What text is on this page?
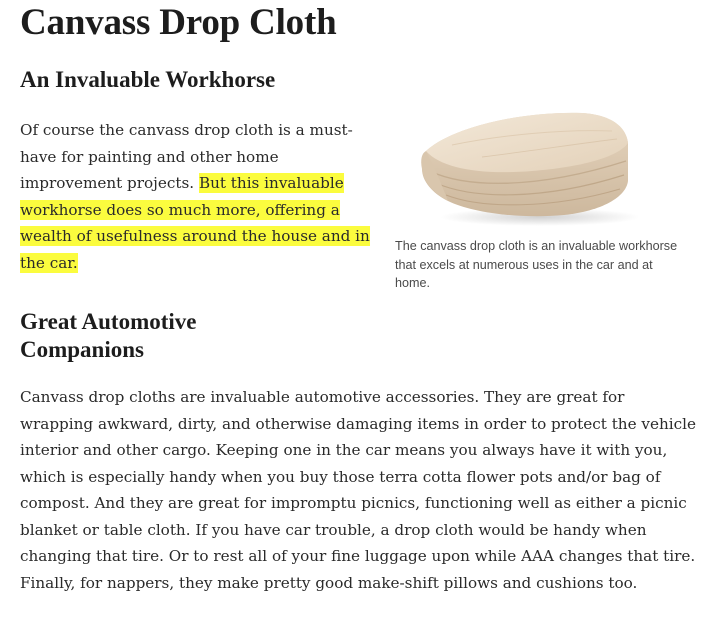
Canvass Drop Cloth
An Invaluable Workhorse

Of course the canvass drop cloth is a must-have for painting and other home improvement projects. But this invaluable workhorse does so much more, offering a wealth of usefulness around the house and in the car.

The canvass drop cloth is an invaluable workhorse that excels at numerous uses in the car and at home.

Great Automotive Companions

Canvass drop cloths are invaluable automotive accessories. They are great for wrapping awkward, dirty, and otherwise damaging items in order to protect the vehicle interior and other cargo. Keeping one in the car means you always have it with you, which is especially handy when you buy those terra cotta flower pots and/or bag of compost. And they are great for impromptu picnics, functioning well as either a picnic blanket or table cloth. If you have car trouble, a drop cloth would be handy when changing that tire. Or to rest all of your fine luggage upon while AAA changes that tire. Finally, for nappers, they make pretty good make-shift pillows and cushions too.
